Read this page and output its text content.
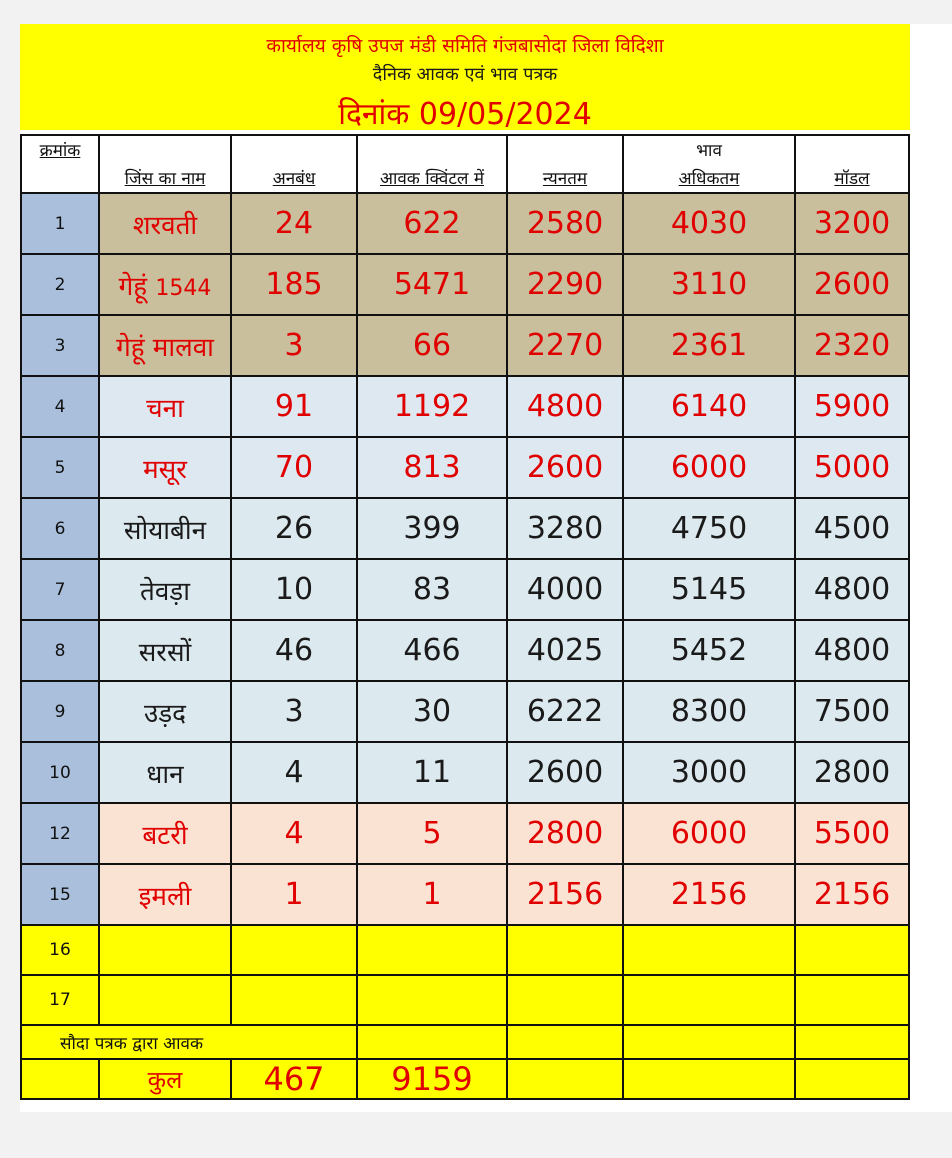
कार्यालय कृषि उपज मंडी समिति गंजबासोदा जिला विदिशा
दैनिक आवक एवं भाव पत्रक
दिनांक 09/05/2024
क्रमांक					भाव	
	जिंस का नाम	अनबंध	आवक क्विंटल में	न्यनतम	अधिकतम	मॉडल
1	शरवती	24	622	2580	4030	3200
2	गेहूं 1544	185	5471	2290	3110	2600
3	गेहूं मालवा	3	66	2270	2361	2320
4	चना	91	1192	4800	6140	5900
5	मसूर	70	813	2600	6000	5000
6	सोयाबीन	26	399	3280	4750	4500
7	तेवड़ा	10	83	4000	5145	4800
8	सरसों	46	466	4025	5452	4800
9	उड़द	3	30	6222	8300	7500
10	धान	4	11	2600	3000	2800
12	बटरी	4	5	2800	6000	5500
15	इमली	1	1	2156	2156	2156
16						
17						
सौदा पत्रक द्वारा आवक						
	कुल	467	9159			
